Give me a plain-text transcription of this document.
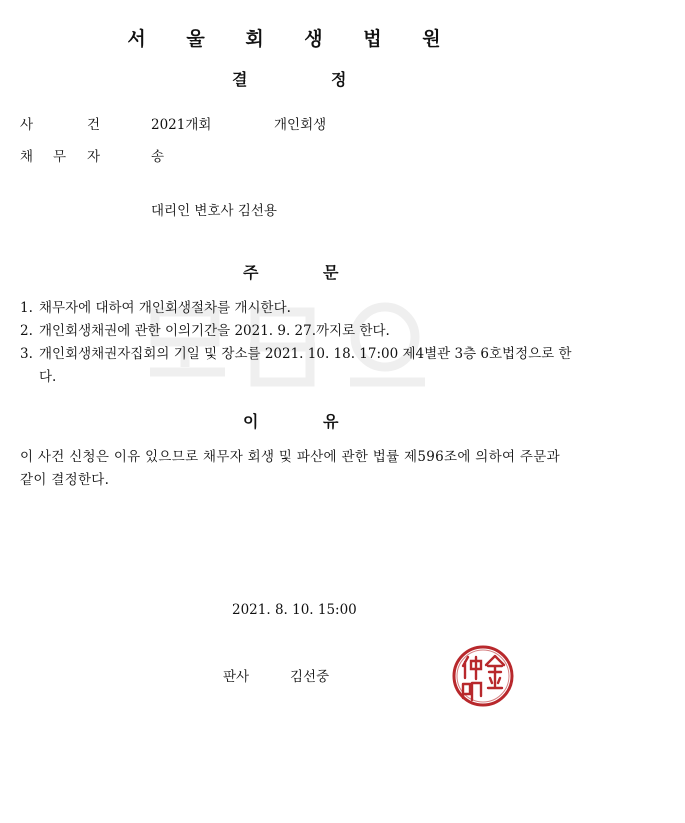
서 울 회 생 법 원
결	정
사	건	2021개회	개인회생
채 무 자	송
대리인 변호사 김선용
주	문
1. 채무자에 대하여 개인회생절차를 개시한다.
2. 개인회생채권에 관한 이의기간을 2021. 9. 27.까지로 한다.
3. 개인회생채권자집회의 기일 및 장소를 2021. 10. 18. 17:00 제4별관 3층 6호법정으로 한다.
이	유
이 사건 신청은 이유 있으므로 채무자 회생 및 파산에 관한 법률 제596조에 의하여 주문과 같이 결정한다.
2021. 8. 10. 15:00
판사	김선중
